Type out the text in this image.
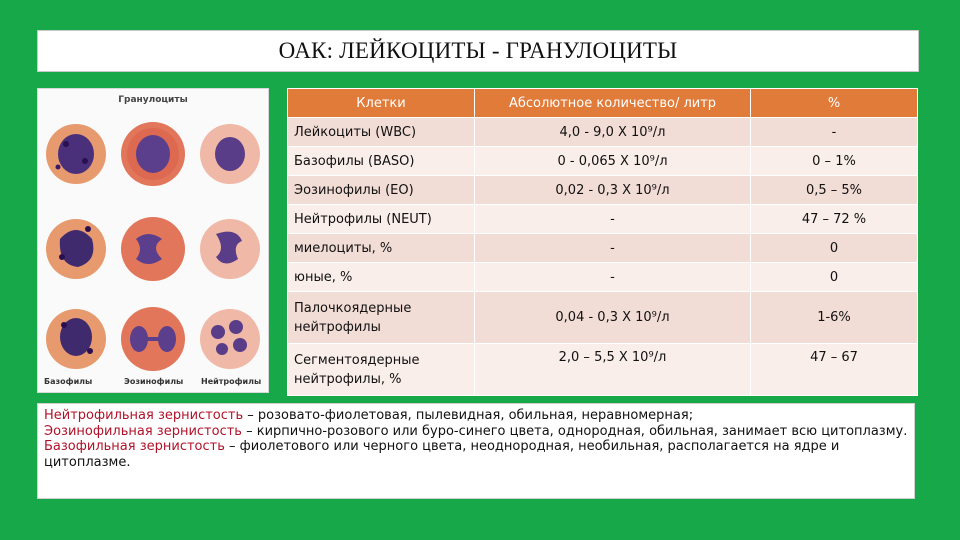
ОАК: ЛЕЙКОЦИТЫ - ГРАНУЛОЦИТЫ
Гранулоциты
Базофилы	Эозинофилы Нейтрофилы
Клетки	Абсолютное количество/ литр	%
Лейкоциты (WBC)	4,0 - 9,0 X 10⁹/л	-
Базофилы (BASO)	0 - 0,065 X 10⁹/л	0 – 1%
Эозинофилы (EO)	0,02 - 0,3 X 10⁹/л	0,5 – 5%
Нейтрофилы (NEUT)	-	47 – 72 %
миелоциты, %	-	0
юные, %	-	0
Палочкоядерные нейтрофилы	0,04 - 0,3 X 10⁹/л	1-6%
Сегментоядерные нейтрофилы, %	2,0 – 5,5 X 10⁹/л	47 – 67
Нейтрофильная зернистость – розовато-фиолетовая, пылевидная, обильная, неравномерная;
Эозинофильная зернистость – кирпично-розового или буро-синего цвета, однородная, обильная, занимает всю цитоплазму.
Базофильная зернистость – фиолетового или черного цвета, неоднородная, необильная, располагается на ядре и цитоплазме.
